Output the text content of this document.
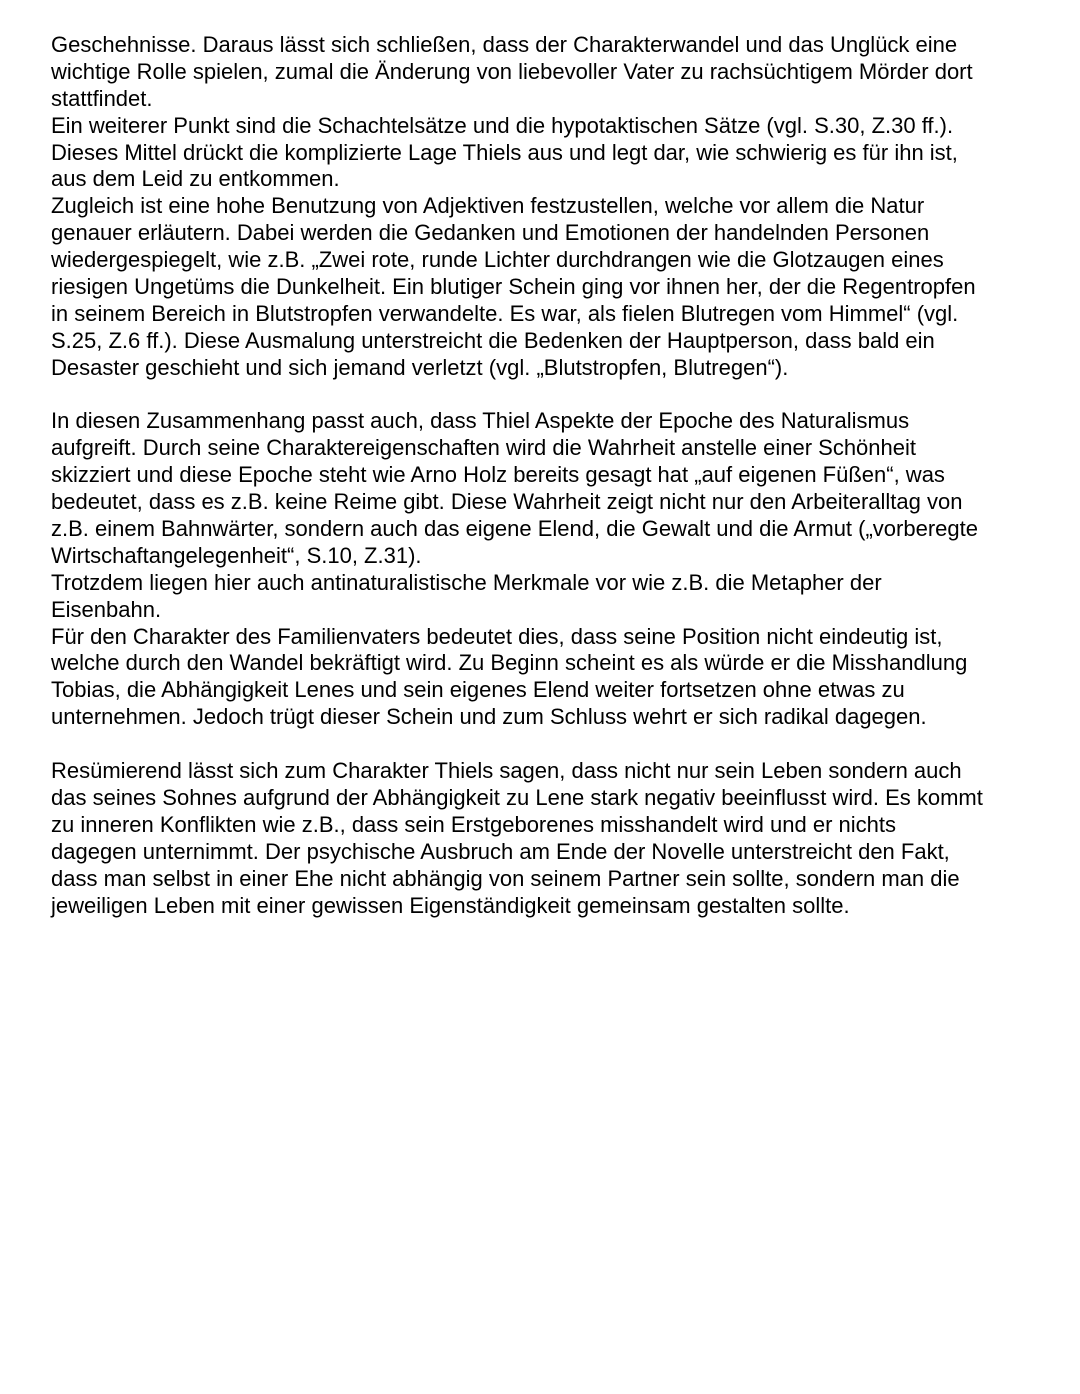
Geschehnisse. Daraus lässt sich schließen, dass der Charakterwandel und das Unglück eine
wichtige Rolle spielen, zumal die Änderung von liebevoller Vater zu rachsüchtigem Mörder dort
stattfindet.
Ein weiterer Punkt sind die Schachtelsätze und die hypotaktischen Sätze (vgl. S.30, Z.30 ff.).
Dieses Mittel drückt die komplizierte Lage Thiels aus und legt dar, wie schwierig es für ihn ist,
aus dem Leid zu entkommen.
Zugleich ist eine hohe Benutzung von Adjektiven festzustellen, welche vor allem die Natur
genauer erläutern. Dabei werden die Gedanken und Emotionen der handelnden Personen
wiedergespiegelt, wie z.B. „Zwei rote, runde Lichter durchdrangen wie die Glotzaugen eines
riesigen Ungetüms die Dunkelheit. Ein blutiger Schein ging vor ihnen her, der die Regentropfen
in seinem Bereich in Blutstropfen verwandelte. Es war, als fielen Blutregen vom Himmel“ (vgl.
S.25, Z.6 ff.). Diese Ausmalung unterstreicht die Bedenken der Hauptperson, dass bald ein
Desaster geschieht und sich jemand verletzt (vgl. „Blutstropfen, Blutregen“).
In diesen Zusammenhang passt auch, dass Thiel Aspekte der Epoche des Naturalismus
aufgreift. Durch seine Charaktereigenschaften wird die Wahrheit anstelle einer Schönheit
skizziert und diese Epoche steht wie Arno Holz bereits gesagt hat „auf eigenen Füßen“, was
bedeutet, dass es z.B. keine Reime gibt. Diese Wahrheit zeigt nicht nur den Arbeiteralltag von
z.B. einem Bahnwärter, sondern auch das eigene Elend, die Gewalt und die Armut („vorberegte
Wirtschaftangelegenheit“, S.10, Z.31).
Trotzdem liegen hier auch antinaturalistische Merkmale vor wie z.B. die Metapher der
Eisenbahn.
Für den Charakter des Familienvaters bedeutet dies, dass seine Position nicht eindeutig ist,
welche durch den Wandel bekräftigt wird. Zu Beginn scheint es als würde er die Misshandlung
Tobias, die Abhängigkeit Lenes und sein eigenes Elend weiter fortsetzen ohne etwas zu
unternehmen. Jedoch trügt dieser Schein und zum Schluss wehrt er sich radikal dagegen.
Resümierend lässt sich zum Charakter Thiels sagen, dass nicht nur sein Leben sondern auch
das seines Sohnes aufgrund der Abhängigkeit zu Lene stark negativ beeinflusst wird. Es kommt
zu inneren Konflikten wie z.B., dass sein Erstgeborenes misshandelt wird und er nichts
dagegen unternimmt. Der psychische Ausbruch am Ende der Novelle unterstreicht den Fakt,
dass man selbst in einer Ehe nicht abhängig von seinem Partner sein sollte, sondern man die
jeweiligen Leben mit einer gewissen Eigenständigkeit gemeinsam gestalten sollte.
